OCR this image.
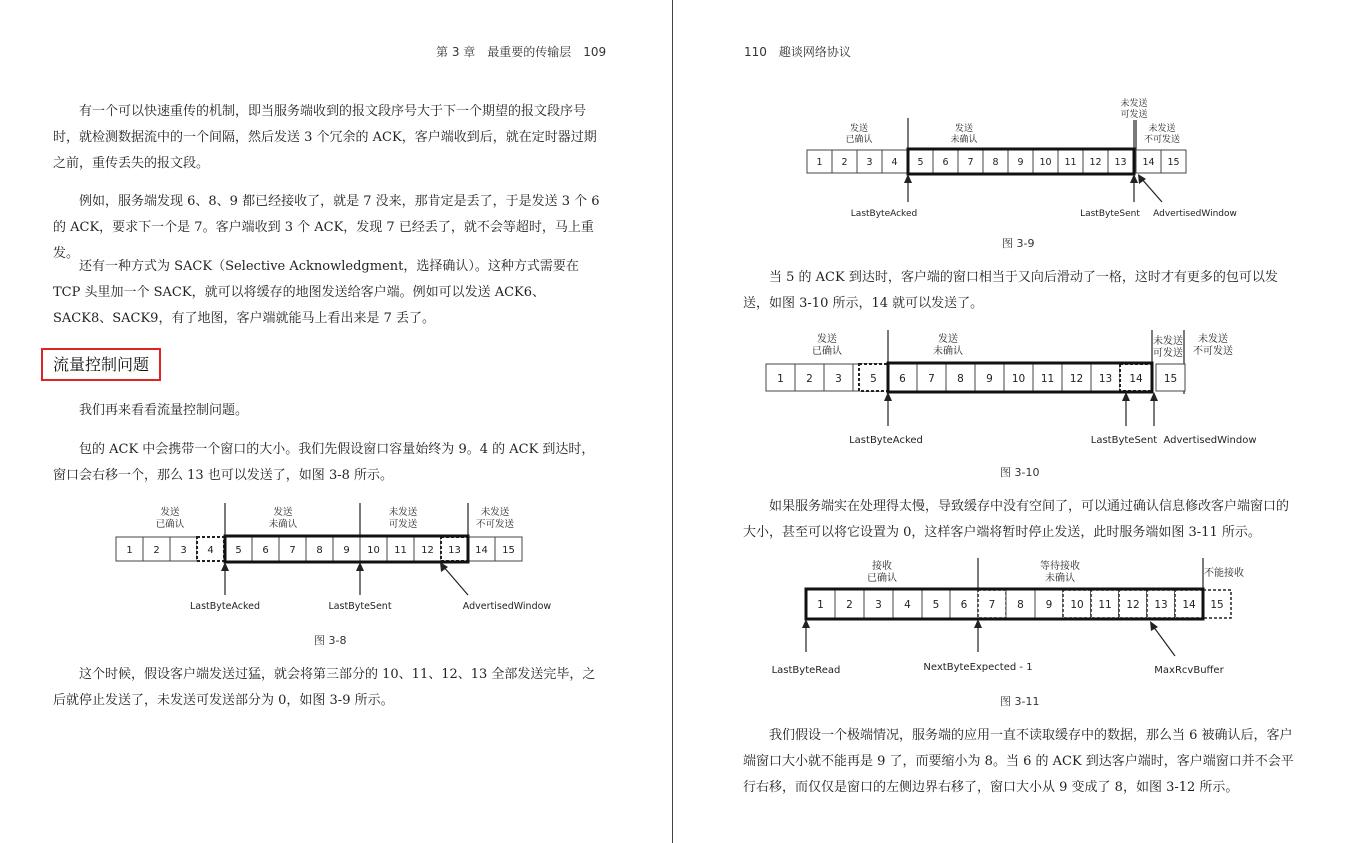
第 3 章　最重要的传输层　109

有一个可以快速重传的机制，即当服务端收到的报文段序号大于下一个期望的报文段序号时，就检测数据流中的一个间隔，然后发送 3 个冗余的 ACK，客户端收到后，就在定时器过期之前，重传丢失的报文段。

例如，服务端发现 6、8、9 都已经接收了，就是 7 没来，那肯定是丢了，于是发送 3 个 6 的 ACK，要求下一个是 7。客户端收到 3 个 ACK，发现 7 已经丢了，就不会等超时，马上重发。

还有一种方式为 SACK（Selective Acknowledgment，选择确认）。这种方式需要在 TCP 头里加一个 SACK，就可以将缓存的地图发送给客户端。例如可以发送 ACK6、SACK8、SACK9，有了地图，客户端就能马上看出来是 7 丢了。

流量控制问题

我们再来看看流量控制问题。

包的 ACK 中会携带一个窗口的大小。我们先假设窗口容量始终为 9。4 的 ACK 到达时，窗口会右移一个，那么 13 也可以发送了，如图 3-8 所示。

发送
已确认
发送
未确认
未发送
可发送
未发送
不可发送
1 2 3 4 5 6 7 8 9 10 11 12 13 14 15
LastByteAcked	LastByteSent	AdvertisedWindow
图 3-8

这个时候，假设客户端发送过猛，就会将第三部分的 10、11、12、13 全部发送完毕，之后就停止发送了，未发送可发送部分为 0，如图 3-9 所示。

110　趣谈网络协议
发送
已确认
发送
未确认
未发送
可发送
未发送
不可发送
1 2 3 4 5 6 7 8 9 10 11 12 13 14 15
LastByteAcked	LastByteSent AdvertisedWindow
图 3-9

当 5 的 ACK 到达时，客户端的窗口相当于又向后滑动了一格，这时才有更多的包可以发送，如图 3-10 所示，14 就可以发送了。

发送
已确认
发送
未确认
未发送
可发送
未发送
不可发送
1 2 3	5 6 7 8 9 10 11 12 13 14 15
LastByteAcked	LastByteSent AdvertisedWindow
图 3-10

如果服务端实在处理得太慢，导致缓存中没有空间了，可以通过确认信息修改客户端窗口的大小，甚至可以将它设置为 0，这样客户端将暂时停止发送，此时服务端如图 3-11 所示。

接收
已确认
等待接收
未确认	不能接收
1 2 3 4 5 6 7 8 9 10 11 12 13 14 15
LastByteRead	NextByteExpected - 1	MaxRcvBuffer
图 3-11

我们假设一个极端情况，服务端的应用一直不读取缓存中的数据，那么当 6 被确认后，客户端窗口大小就不能再是 9 了，而要缩小为 8。当 6 的 ACK 到达客户端时，客户端窗口并不会平行右移，而仅仅是窗口的左侧边界右移了，窗口大小从 9 变成了 8，如图 3-12 所示。
